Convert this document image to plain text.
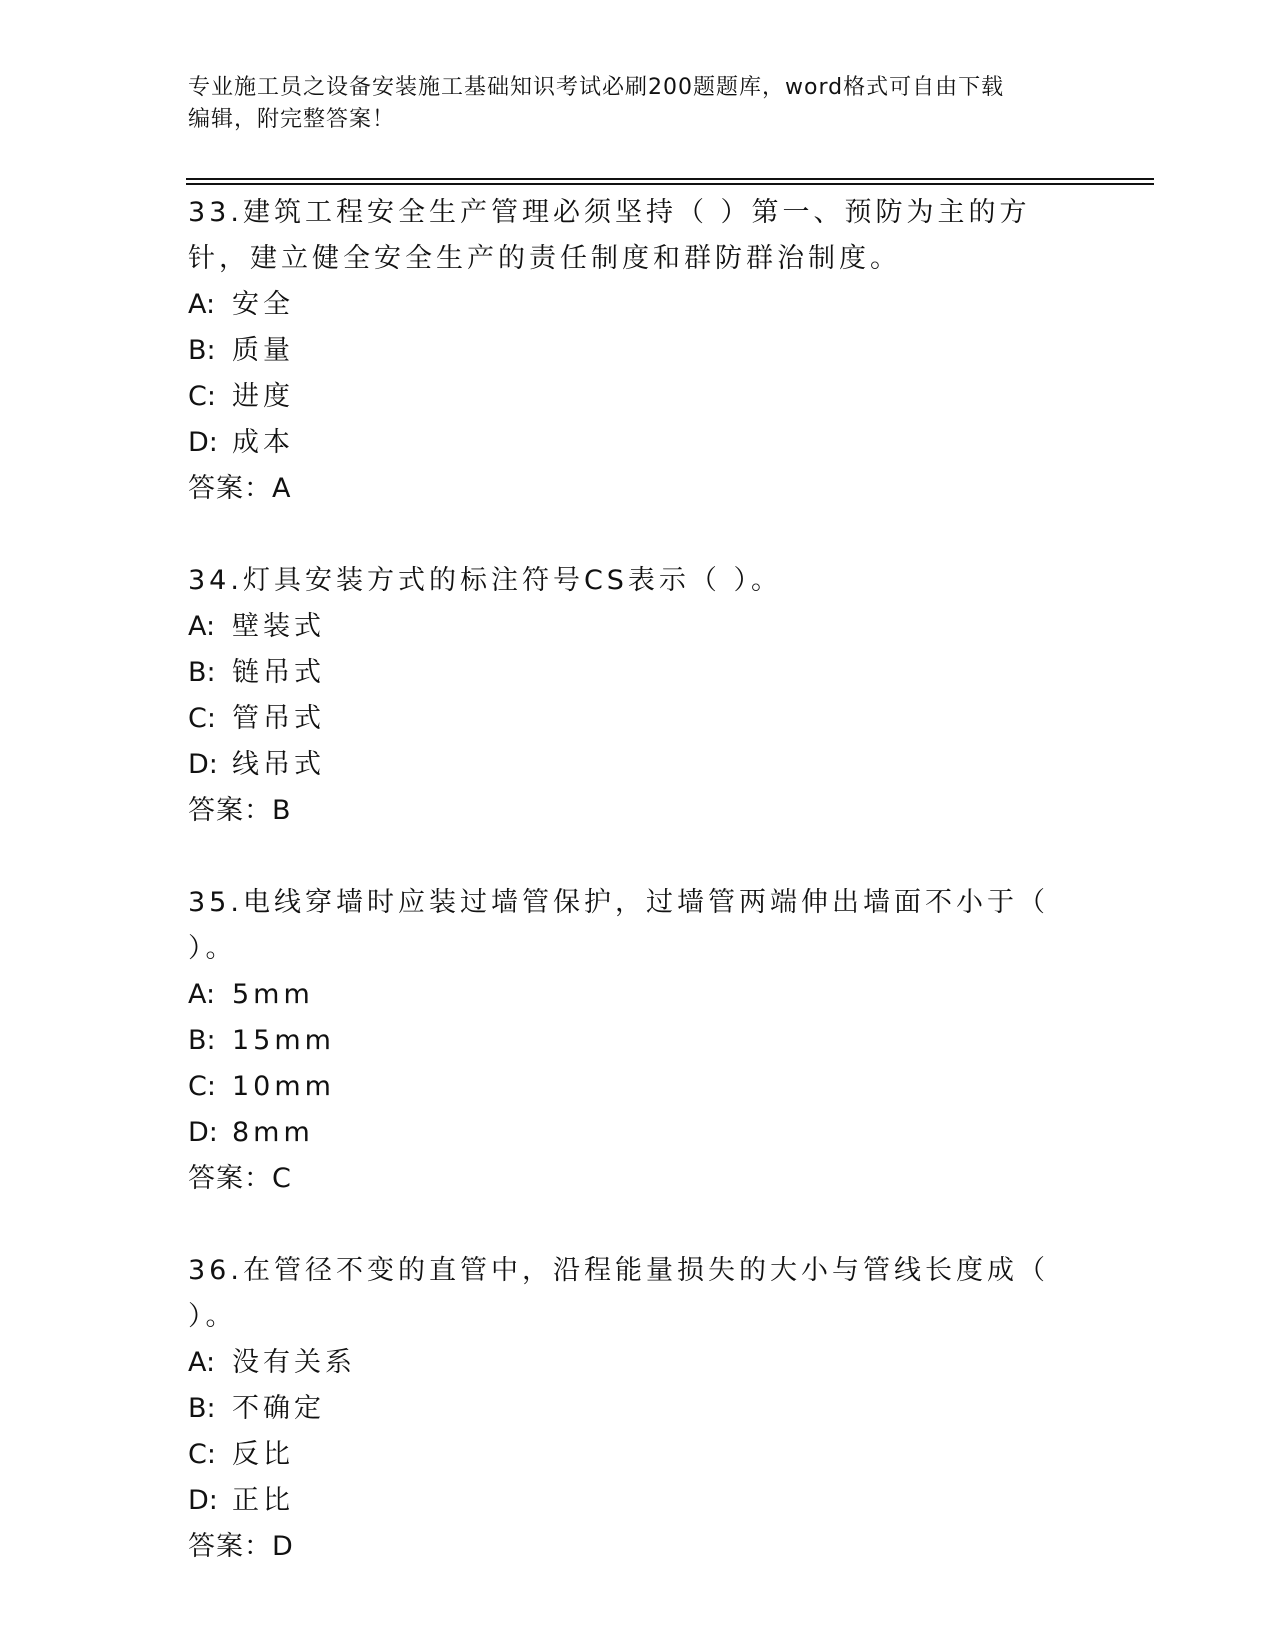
专业施工员之设备安装施工基础知识考试必刷200题题库，word格式可自由下载
编辑，附完整答案！
33.建筑工程安全生产管理必须坚持（ ）第一、预防为主的方针，建立健全安全生产的责任制度和群防群治制度。
A: 安全
B: 质量
C: 进度
D: 成本
答案：A
34.灯具安装方式的标注符号CS表示（ ）。
A: 壁装式
B: 链吊式
C: 管吊式
D: 线吊式
答案：B
35.电线穿墙时应装过墙管保护，过墙管两端伸出墙面不小于（ ）。
A: 5mm
B: 15mm
C: 10mm
D: 8mm
答案：C
36.在管径不变的直管中，沿程能量损失的大小与管线长度成（ ）。
A: 没有关系
B: 不确定
C: 反比
D: 正比
答案：D
